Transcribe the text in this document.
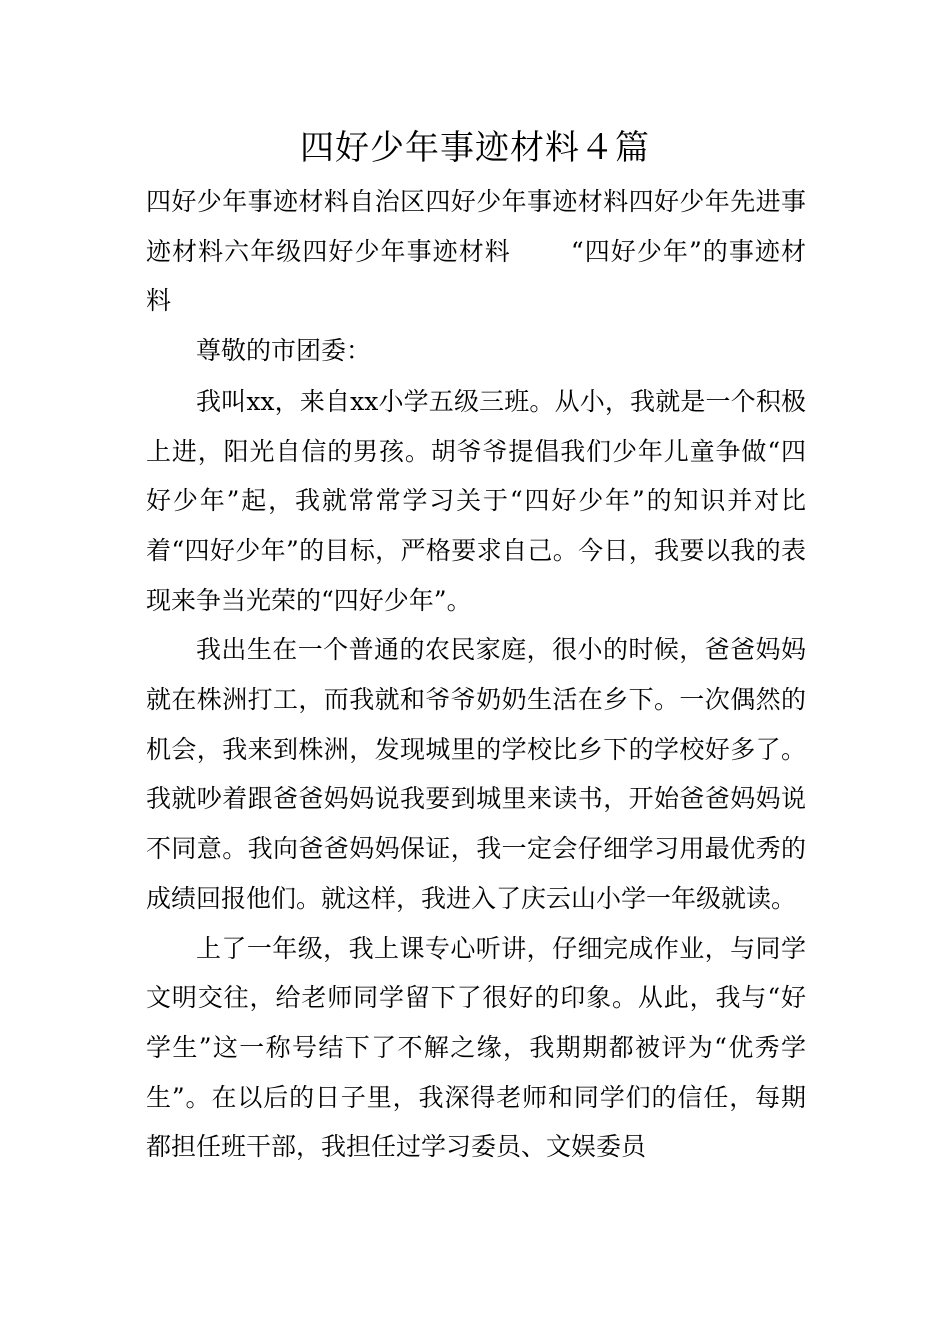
四好少年事迹材料４篇

四好少年事迹材料自治区四好少年事迹材料四好少年先进事迹材料六年级四好少年事迹材料 “四好少年”的事迹材料

尊敬的市团委：

我叫xx，来自xx小学五级三班。从小，我就是一个积极上进，阳光自信的男孩。胡爷爷提倡我们少年儿童争做“四好少年”起，我就常常学习关于“四好少年”的知识并对比着“四好少年”的目标，严格要求自己。今日，我要以我的表现来争当光荣的“四好少年”。

我出生在一个普通的农民家庭，很小的时候，爸爸妈妈就在株洲打工，而我就和爷爷奶奶生活在乡下。一次偶然的机会，我来到株洲，发现城里的学校比乡下的学校好多了。我就吵着跟爸爸妈妈说我要到城里来读书，开始爸爸妈妈说不同意。我向爸爸妈妈保证，我一定会仔细学习用最优秀的成绩回报他们。就这样，我进入了庆云山小学一年级就读。

上了一年级，我上课专心听讲，仔细完成作业，与同学文明交往，给老师同学留下了很好的印象。从此，我与“好学生”这一称号结下了不解之缘，我期期都被评为“优秀学生”。在以后的日子里，我深得老师和同学们的信任，每期都担任班干部，我担任过学习委员、文娱委员
